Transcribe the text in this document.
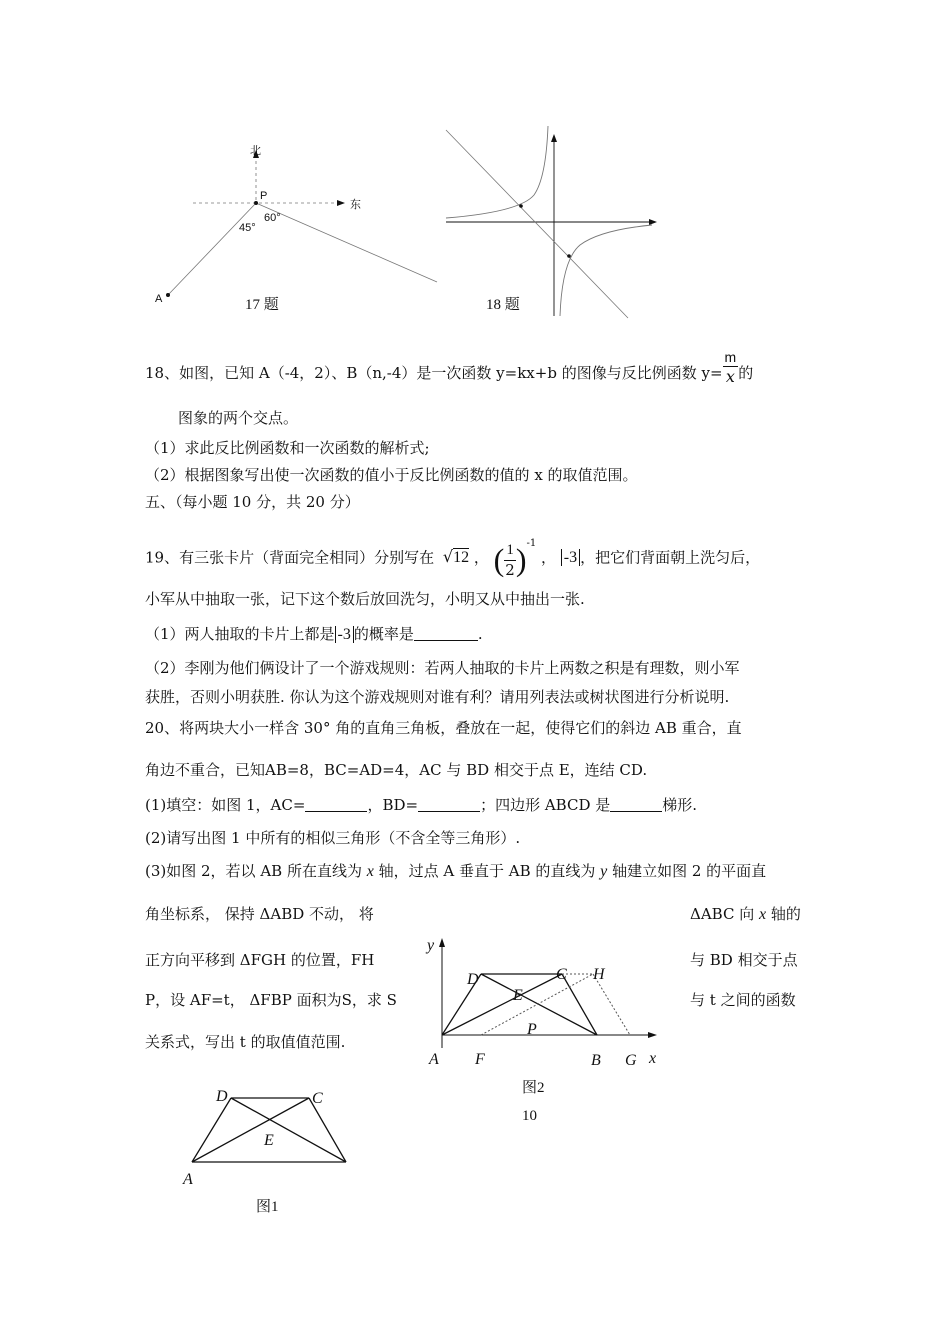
北
东
P
45°
60°
A	17 题	18 题
18、如图，已知 A（-4，2）、B（n,-4）是一次函数 y=kx+b 的图像与反比例函数 $y= \frac{m}{x}$ 的
图象的两个交点。
（1）求此反比例函数和一次函数的解析式;
（2）根据图象写出使一次函数的值小于反比例函数的值的 x 的取值范围。
五、（每小题 10 分，共 20 分）
19、有三张卡片（背面完全相同）分别写在 √12 ， ( $\frac{1}{2} )^{-1}$ ， -3 ，把它们背面朝上洗匀后，
小军从中抽取一张，记下这个数后放回洗匀，小明又从中抽出一张.
（1）两人抽取的卡片上都是 -3 的概率是	.
（2）李刚为他们俩设计了一个游戏规则：若两人抽取的卡片上两数之积是有理数，则小军
获胜，否则小明获胜. 你认为这个游戏规则对谁有利？请用列表法或树状图进行分析说明.
20、将两块大小一样含 30° 角的直角三角板，叠放在一起，使得它们的斜边 AB 重合，直
角边不重合，已知AB=8，BC=AD=4，AC 与 BD 相交于点 E，连结 CD.
(1)填空：如图 1，AC=	，BD=	；四边形 ABCD 是	梯形.
(2)请写出图 1 中所有的相似三角形（不含全等三角形）.
(3)如图 2，若以 AB 所在直线为 x 轴，过点 A 垂直于 AB 的直线为 y 轴建立如图 2 的平面直
角坐标系， 保持 ΔABD 不动， 将	ΔABC 向 x 轴的
正方向平移到 ΔFGH 的位置，FH	与 BD 相交于点
P，设 AF=t， ΔFBP 面积为S，求 S	与 t 之间的函数
关系式，写出 t 的取值值范围.
y
D	C H
E
P
A F	B G x
图2
10
D	C
E
A
图1
